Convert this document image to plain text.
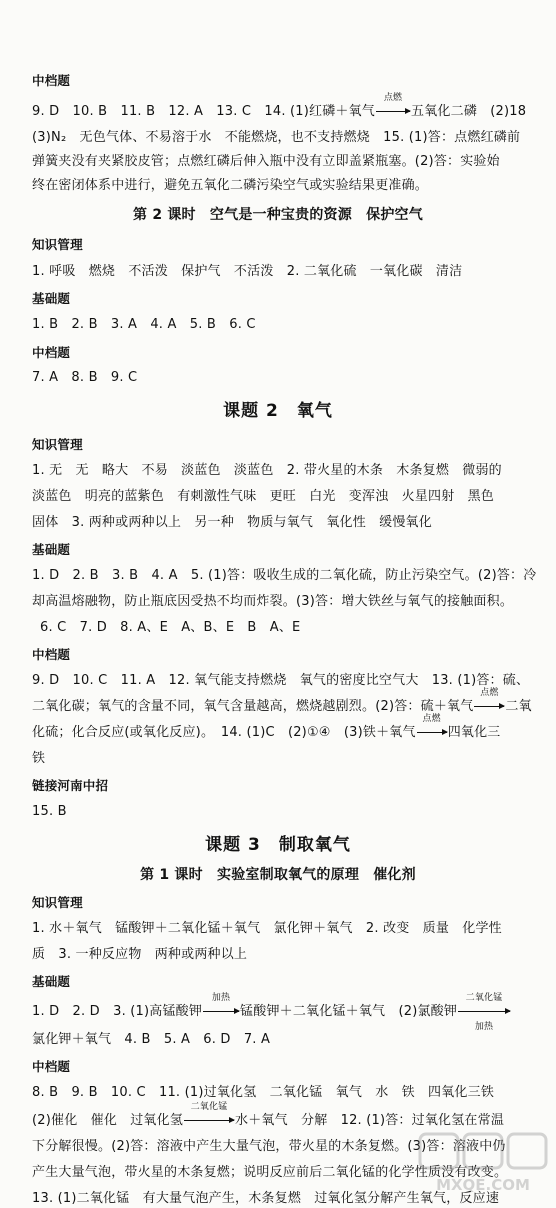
中档题
9. D　10. B　11. B　12. A　13. C　14. (1)红磷＋氧气
点燃
五氧化二磷　(2)18
(3)N₂　无色气体、不易溶于水　不能燃烧，也不支持燃烧　15. (1)答：点燃红磷前
弹簧夹没有夹紧胶皮管；点燃红磷后伸入瓶中没有立即盖紧瓶塞。(2)答：实验始
终在密闭体系中进行，避免五氧化二磷污染空气或实验结果更准确。
第 2 课时　空气是一种宝贵的资源　保护空气
知识管理
1. 呼吸　燃烧　不活泼　保护气　不活泼　2. 二氧化硫　一氧化碳　清洁
基础题
1. B　2. B　3. A　4. A　5. B　6. C
中档题
7. A　8. B　9. C
课题 2　氧气
知识管理
1. 无　无　略大　不易　淡蓝色　淡蓝色　2. 带火星的木条　木条复燃　微弱的
淡蓝色　明亮的蓝紫色　有刺激性气味　更旺　白光　变浑浊　火星四射　黑色
固体　3. 两种或两种以上　另一种　物质与氧气　氧化性　缓慢氧化
基础题
1. D　2. B　3. B　4. A　5. (1)答：吸收生成的二氧化硫，防止污染空气。(2)答：冷
却高温熔融物，防止瓶底因受热不均而炸裂。(3)答：增大铁丝与氧气的接触面积。
6. C　7. D　8. A、E　A、B、E　B　A、E
中档题
9. D　10. C　11. A　12. 氧气能支持燃烧　氧气的密度比空气大　13. (1)答：硫、
二氧化碳；氧气的含量不同，氧气含量越高，燃烧越剧烈。(2)答：硫＋氧气
点燃
二氧
化硫；化合反应(或氧化反应)。　14. (1)C　(2)①④　(3)铁＋氧气
点燃
四氧化三
铁
链接河南中招
15. B
课题 3　制取氧气
第 1 课时　实验室制取氧气的原理　催化剂
知识管理
1. 水＋氧气　锰酸钾＋二氧化锰＋氧气　氯化钾＋氧气　2. 改变　质量　化学性
质　3. 一种反应物　两种或两种以上
基础题
1. D　2. D　3. (1)高锰酸钾
加热
锰酸钾＋二氧化锰＋氧气　(2)氯酸钾
二氧化锰
加热
氯化钾＋氧气　4. B　5. A　6. D　7. A
中档题
8. B　9. B　10. C　11. (1)过氧化氢　二氧化锰　氧气　水　铁　四氧化三铁
(2)催化　催化　过氧化氢
二氧化锰
水＋氧气　分解　12. (1)答：过氧化氢在常温
下分解很慢。(2)答：溶液中产生大量气泡，带火星的木条复燃。(3)答：溶液中仍
产生大量气泡，带火星的木条复燃；说明反应前后二氧化锰的化学性质没有改变。
13. (1)二氧化锰　有大量气泡产生，木条复燃　过氧化氢分解产生氧气，反应速
MXQE.COM
